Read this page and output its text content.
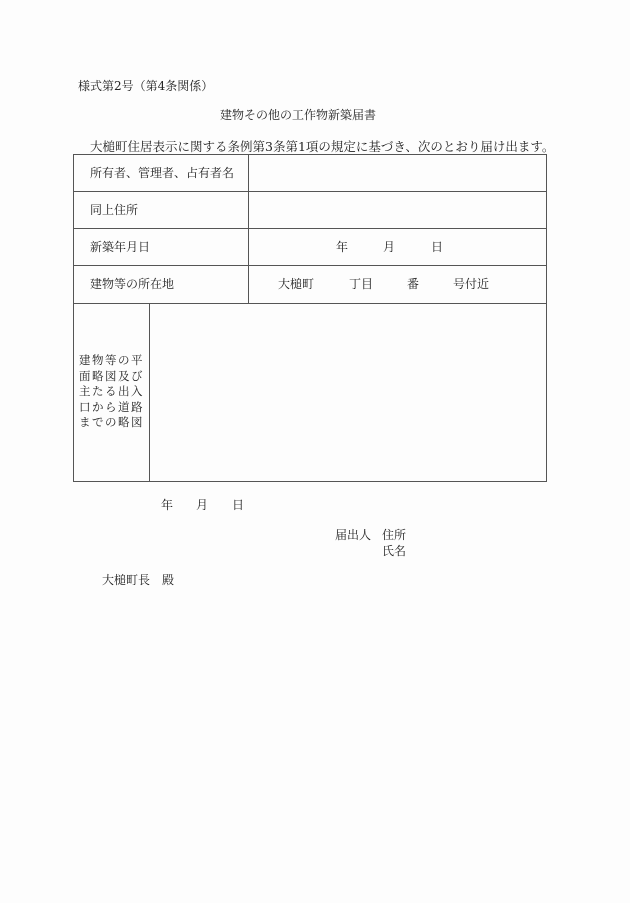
様式第2号（第4条関係）
建物その他の工作物新築届書
大槌町住居表示に関する条例第3条第1項の規定に基づき、次のとおり届け出ます。
所有者、管理者、占有者名
同上住所
新築年月日	年	月	日
建物等の所在地	大槌町	丁目	番	号付近
建物等の平面略図及び主たる出入口から道路までの略図
年 月 日
届出人 住所
氏名
大槌町長　殿
